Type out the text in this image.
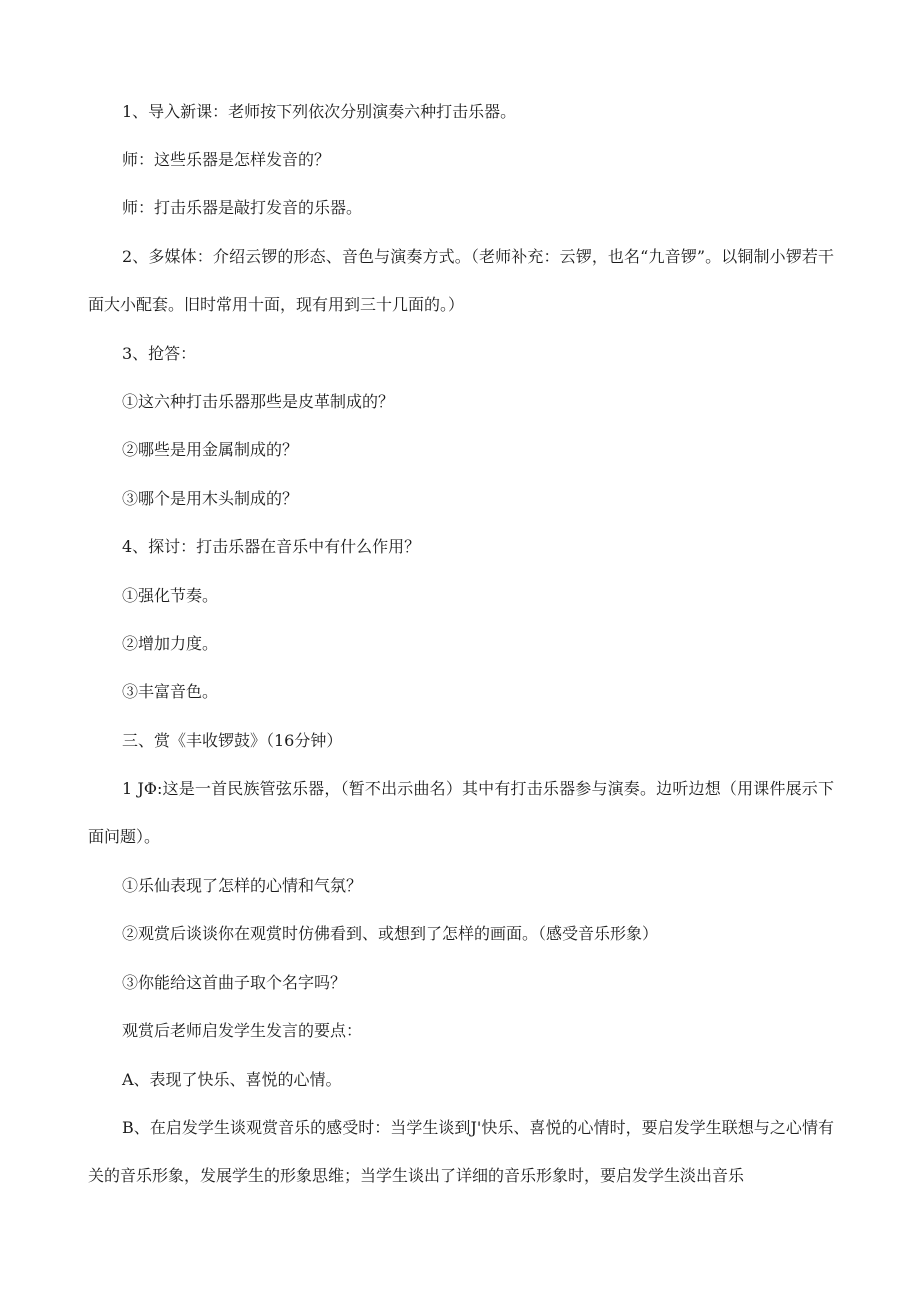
1、导入新课：老师按下列依次分别演奏六种打击乐器。

师：这些乐器是怎样发音的？

师：打击乐器是敲打发音的乐器。

2、多媒体：介绍云锣的形态、音色与演奏方式。（老师补充：云锣，也名“九音锣”。以铜制小锣若干面大小配套。旧时常用十面，现有用到三十几面的。）

3、抢答：

①这六种打击乐器那些是皮革制成的？

②哪些是用金属制成的？

③哪个是用木头制成的？

4、探讨：打击乐器在音乐中有什么作用？

①强化节奏。

②增加力度。

③丰富音色。

三、赏《丰收锣鼓》（16分钟）

1 JΦ:这是一首民族管弦乐器，（暂不出示曲名）其中有打击乐器参与演奏。边听边想（用课件展示下面问题）。

①乐仙表现了怎样的心情和气氛？

②观赏后谈谈你在观赏时仿佛看到、或想到了怎样的画面。（感受音乐形象）

③你能给这首曲子取个名字吗？

观赏后老师启发学生发言的要点：

A、表现了快乐、喜悦的心情。

B、在启发学生谈观赏音乐的感受时：当学生谈到J'快乐、喜悦的心情时，要启发学生联想与之心情有关的音乐形象，发展学生的形象思维；当学生谈出了详细的音乐形象时，要启发学生淡出音乐
